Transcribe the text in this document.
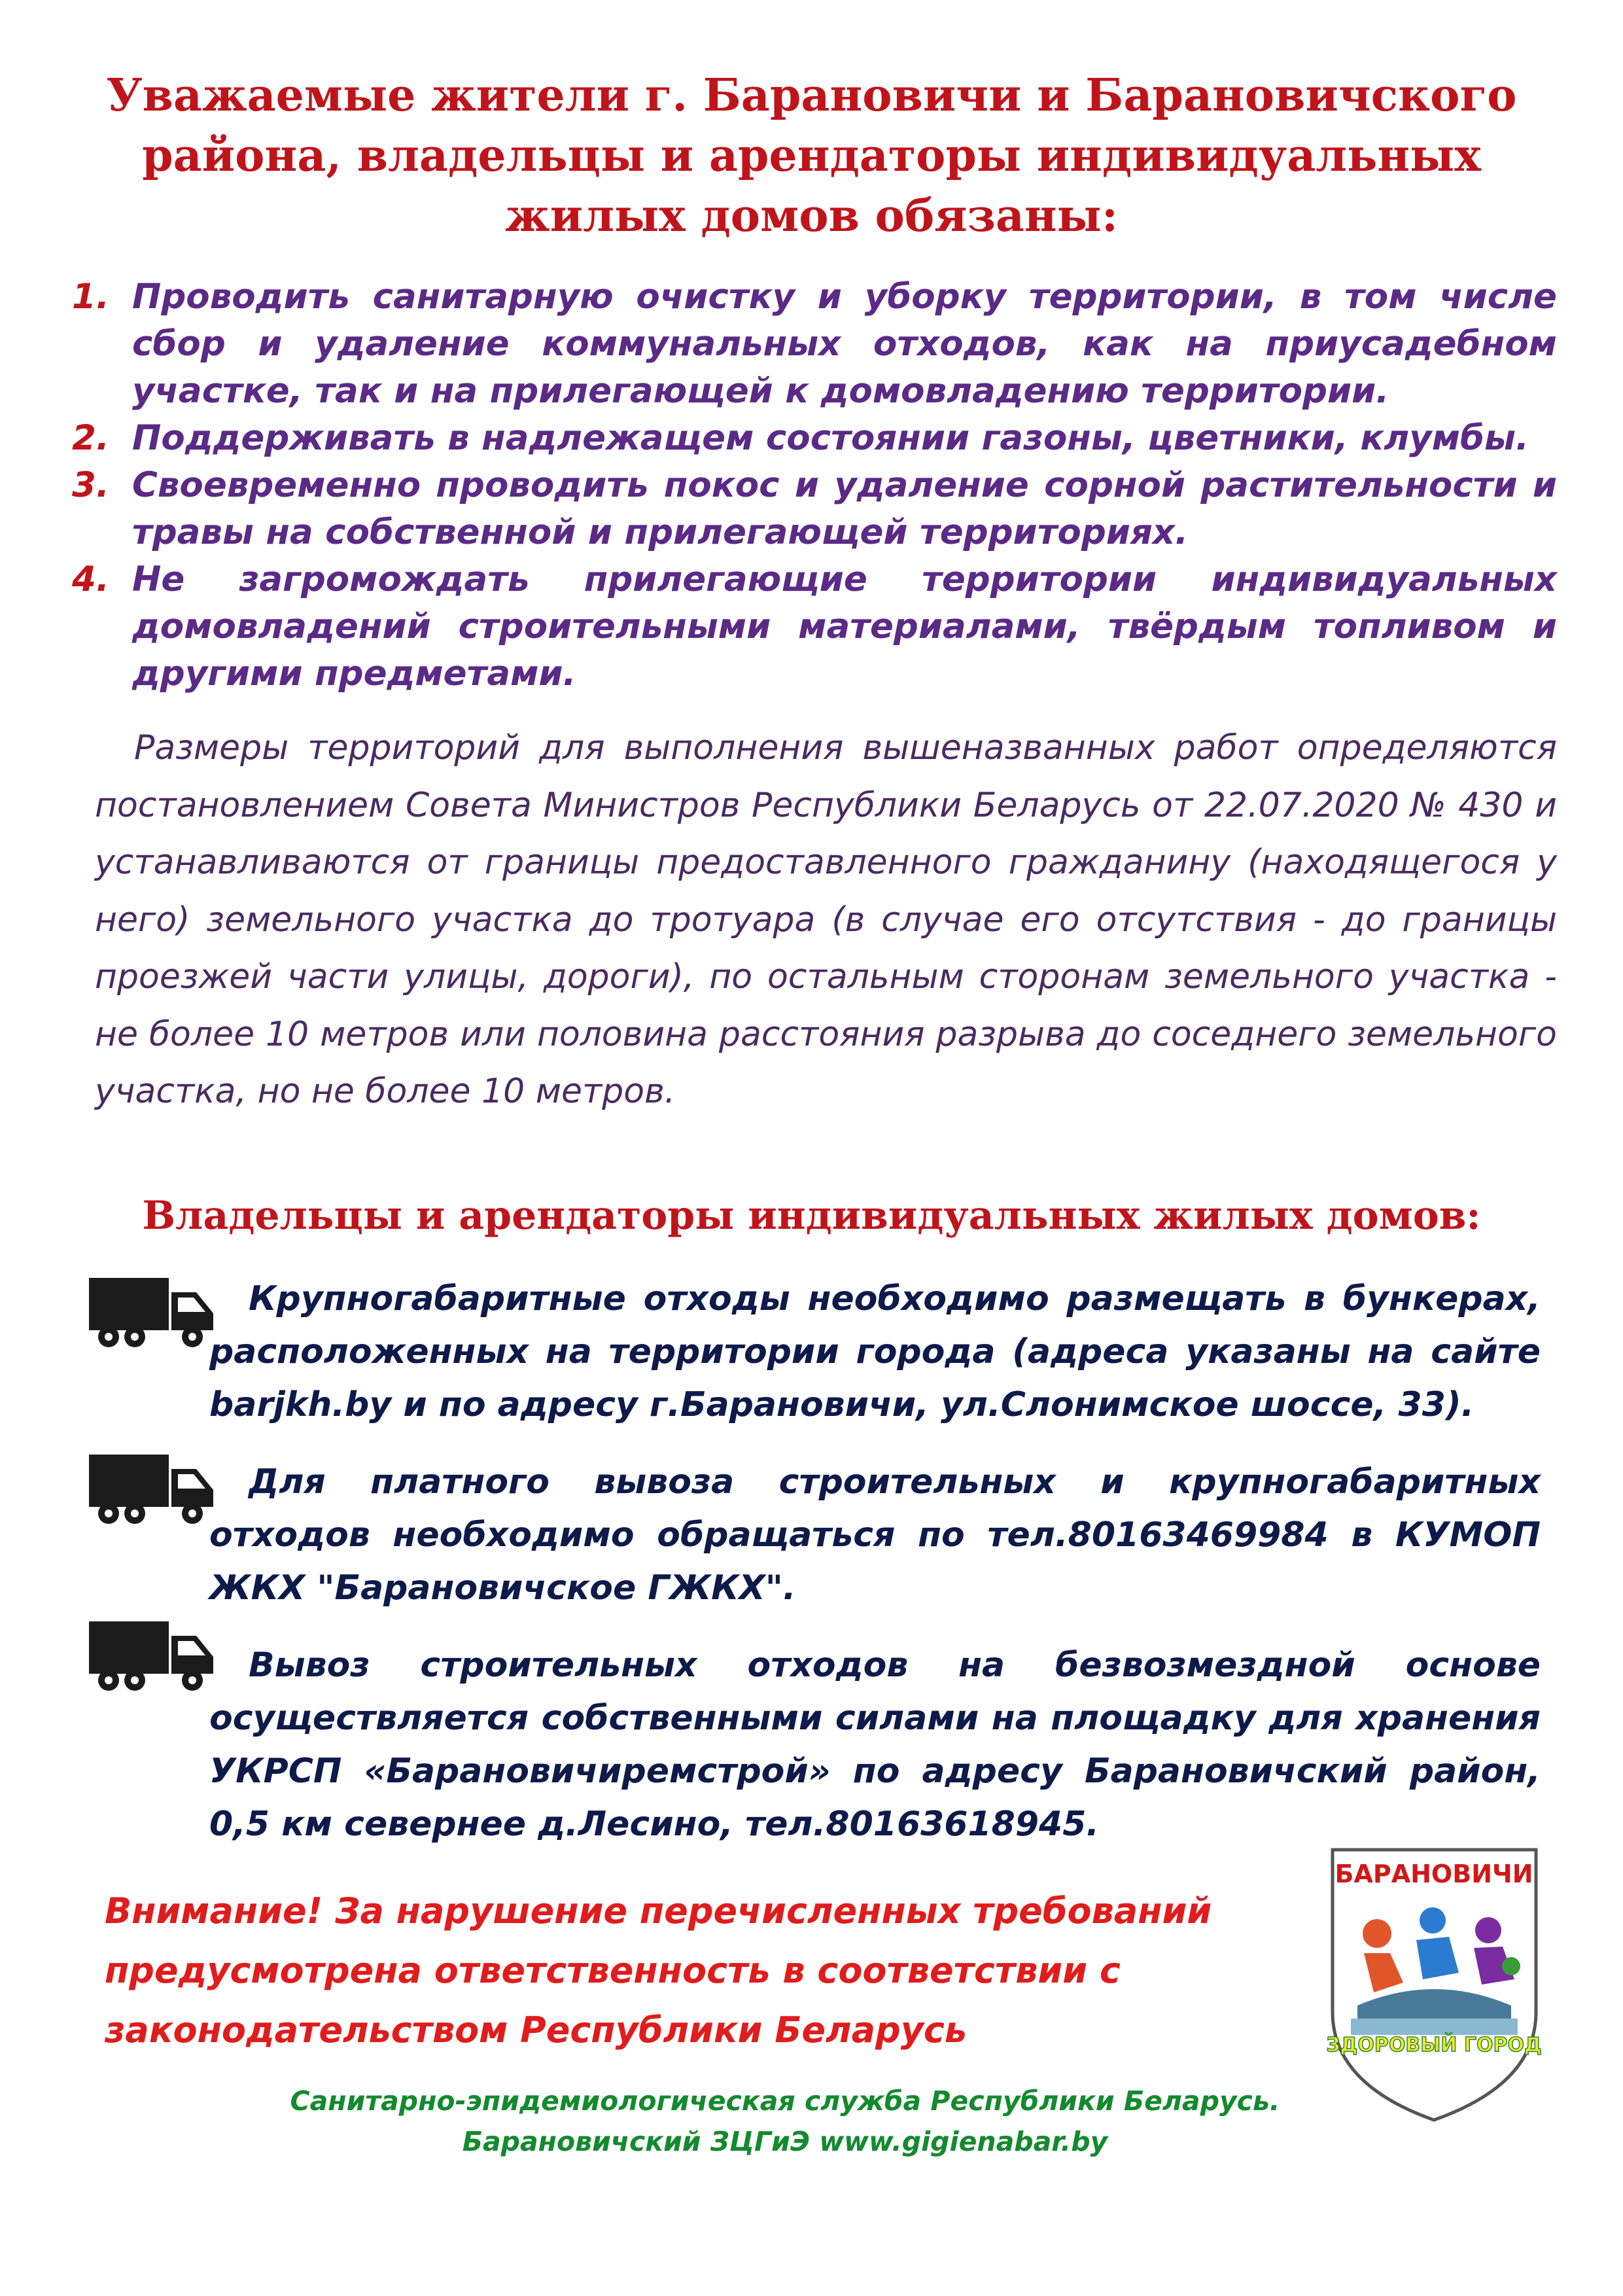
Уважаемые жители г. Барановичи и Барановичского района, владельцы и арендаторы индивидуальных жилых домов обязаны:
1. Проводить санитарную очистку и уборку территории, в том числе сбор и удаление коммунальных отходов, как на приусадебном участке, так и на прилегающей к домовладению территории.
2. Поддерживать в надлежащем состоянии газоны, цветники, клумбы.
3. Своевременно проводить покос и удаление сорной растительности и травы на собственной и прилегающей территориях.
4. Не загромождать прилегающие территории индивидуальных домовладений строительными материалами, твёрдым топливом и другими предметами.

Размеры территорий для выполнения вышеназванных работ определяются постановлением Совета Министров Республики Беларусь от 22.07.2020 № 430 и устанавливаются от границы предоставленного гражданину (находящегося у него) земельного участка до тротуара (в случае его отсутствия - до границы проезжей части улицы, дороги), по остальным сторонам земельного участка - не более 10 метров или половина расстояния разрыва до соседнего земельного участка, но не более 10 метров.

Владельцы и арендаторы индивидуальных жилых домов:

Крупногабаритные отходы необходимо размещать в бункерах, расположенных на территории города (адреса указаны на сайте barjkh.by и по адресу г.Барановичи, ул.Слонимское шоссе, 33).

Для платного вывоза строительных и крупногабаритных отходов необходимо обращаться по тел.80163469984 в КУМОП ЖКХ "Барановичское ГЖКХ".

Вывоз строительных отходов на безвозмездной основе осуществляется собственными силами на площадку для хранения УКРСП «Барановичиремстрой» по адресу Барановичский район, 0,5 км севернее д.Лесино, тел.80163618945.

Внимание! За нарушение перечисленных требований предусмотрена ответственность в соответствии с законодательством Республики Беларусь

БАРАНОВИЧИ
ЗДОРОВЫЙ ГОРОД

Санитарно-эпидемиологическая служба Республики Беларусь.
Барановичский ЗЦГиЭ www.gigienabar.by
